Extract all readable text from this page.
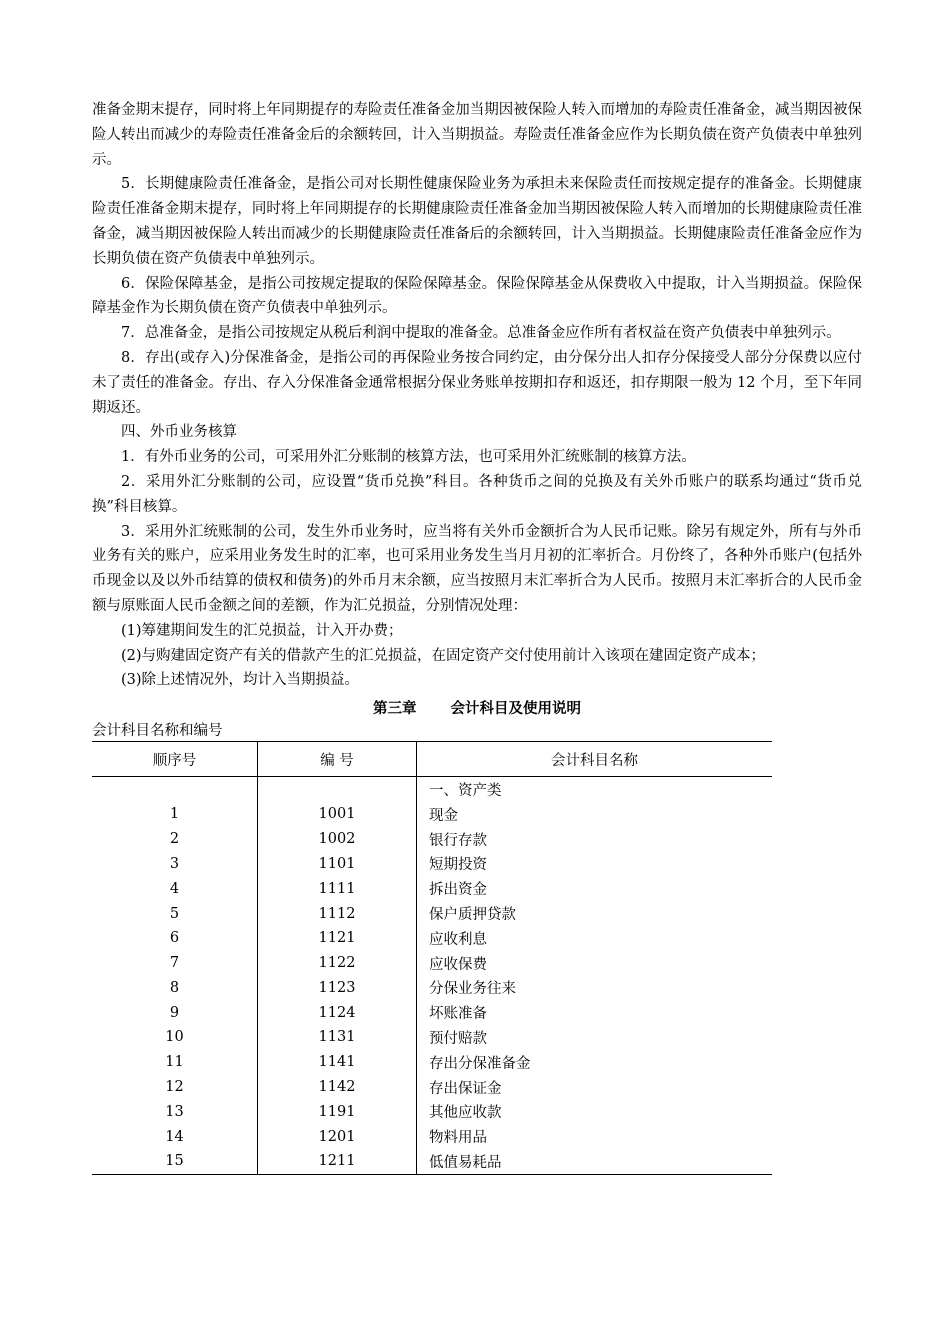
准备金期末提存，同时将上年同期提存的寿险责任准备金加当期因被保险人转入而增加的寿险责任准备金，减当期因被保险人转出而减少的寿险责任准备金后的余额转回，计入当期损益。寿险责任准备金应作为长期负债在资产负债表中单独列示。

5．长期健康险责任准备金，是指公司对长期性健康保险业务为承担未来保险责任而按规定提存的准备金。长期健康险责任准备金期末提存，同时将上年同期提存的长期健康险责任准备金加当期因被保险人转入而增加的长期健康险责任准备金，减当期因被保险人转出而减少的长期健康险责任准备后的余额转回，计入当期损益。长期健康险责任准备金应作为长期负债在资产负债表中单独列示。

6．保险保障基金，是指公司按规定提取的保险保障基金。保险保障基金从保费收入中提取，计入当期损益。保险保障基金作为长期负债在资产负债表中单独列示。

7．总准备金，是指公司按规定从税后利润中提取的准备金。总准备金应作所有者权益在资产负债表中单独列示。

8．存出(或存入)分保准备金，是指公司的再保险业务按合同约定，由分保分出人扣存分保接受人部分分保费以应付未了责任的准备金。存出、存入分保准备金通常根据分保业务账单按期扣存和返还，扣存期限一般为 12 个月，至下年同期返还。

四、外币业务核算

1．有外币业务的公司，可采用外汇分账制的核算方法，也可采用外汇统账制的核算方法。

2．采用外汇分账制的公司，应设置“货币兑换”科目。各种货币之间的兑换及有关外币账户的联系均通过“货币兑换”科目核算。

3．采用外汇统账制的公司，发生外币业务时，应当将有关外币金额折合为人民币记账。除另有规定外，所有与外币业务有关的账户，应采用业务发生时的汇率，也可采用业务发生当月月初的汇率折合。月份终了，各种外币账户(包括外币现金以及以外币结算的债权和债务)的外币月末余额，应当按照月末汇率折合为人民币。按照月末汇率折合的人民币金额与原账面人民币金额之间的差额，作为汇兑损益，分别情况处理：

(1)筹建期间发生的汇兑损益，计入开办费；

(2)与购建固定资产有关的借款产生的汇兑损益，在固定资产交付使用前计入该项在建固定资产成本；

(3)除上述情况外，均计入当期损益。

第三章 会计科目及使用说明

会计科目名称和编号

顺序号	编 号	会计科目名称
		一、资产类
1	1001	现金
2	1002	银行存款
3	1101	短期投资
4	1111	拆出资金
5	1112	保户质押贷款
6	1121	应收利息
7	1122	应收保费
8	1123	分保业务往来
9	1124	坏账准备
10	1131	预付赔款
11	1141	存出分保准备金
12	1142	存出保证金
13	1191	其他应收款
14	1201	物料用品
15	1211	低值易耗品
